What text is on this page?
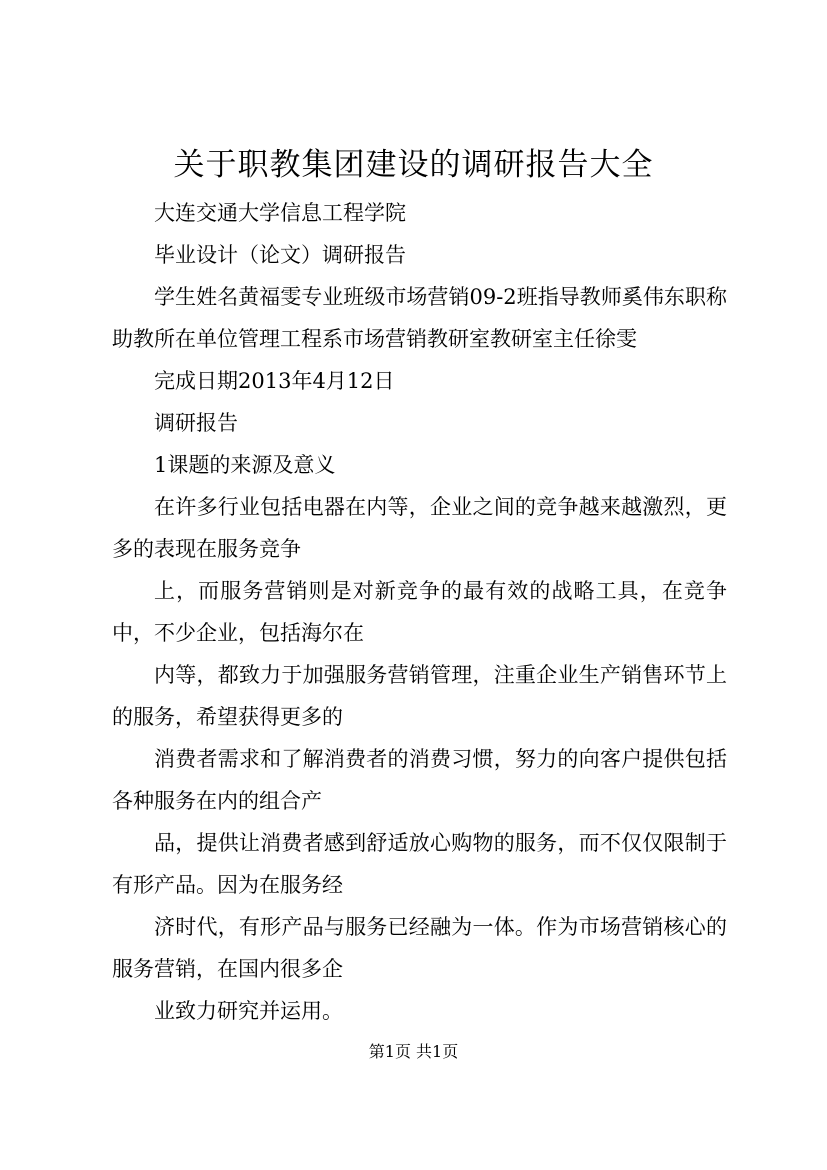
关于职教集团建设的调研报告大全

大连交通大学信息工程学院

毕业设计（论文）调研报告

学生姓名黄福雯专业班级市场营销09-2班指导教师奚伟东职称助教所在单位管理工程系市场营销教研室教研室主任徐雯

完成日期2013年4月12日

调研报告

1课题的来源及意义

在许多行业包括电器在内等，企业之间的竞争越来越激烈，更多的表现在服务竞争

上，而服务营销则是对新竞争的最有效的战略工具，在竞争中，不少企业，包括海尔在

内等，都致力于加强服务营销管理，注重企业生产销售环节上的服务，希望获得更多的

消费者需求和了解消费者的消费习惯，努力的向客户提供包括各种服务在内的组合产

品，提供让消费者感到舒适放心购物的服务，而不仅仅限制于有形产品。因为在服务经

济时代，有形产品与服务已经融为一体。作为市场营销核心的服务营销，在国内很多企

业致力研究并运用。

第1页 共1页
